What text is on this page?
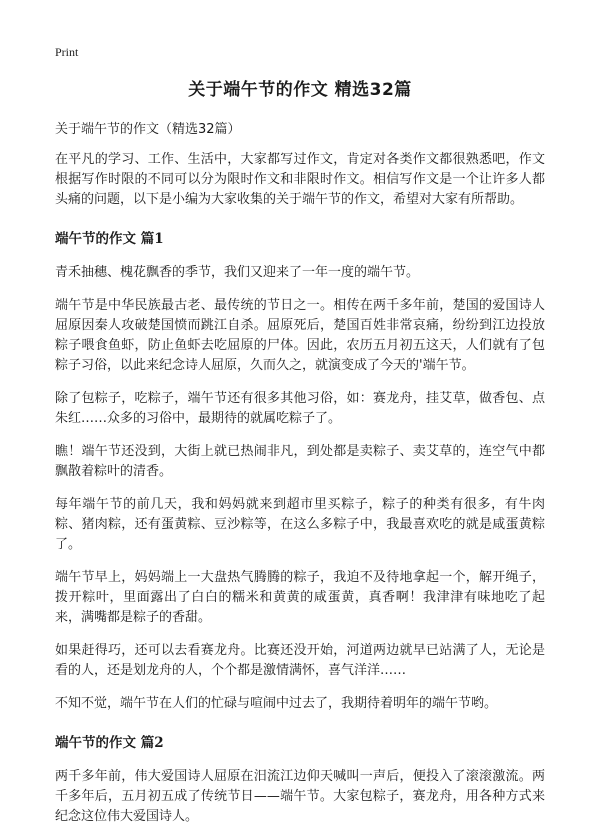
Print
关于端午节的作文 精选32篇
关于端午节的作文（精选32篇）

在平凡的学习、工作、生活中，大家都写过作文，肯定对各类作文都很熟悉吧，作文根据写作时限的不同可以分为限时作文和非限时作文。相信写作文是一个让许多人都头痛的问题，以下是小编为大家收集的关于端午节的作文，希望对大家有所帮助。

端午节的作文 篇1

青禾抽穗、槐花飘香的季节，我们又迎来了一年一度的端午节。

端午节是中华民族最古老、最传统的节日之一。相传在两千多年前，楚国的爱国诗人屈原因秦人攻破楚国愤而跳江自杀。屈原死后，楚国百姓非常哀痛，纷纷到江边投放粽子喂食鱼虾，防止鱼虾去吃屈原的尸体。因此，农历五月初五这天，人们就有了包粽子习俗，以此来纪念诗人屈原，久而久之，就演变成了今天的'端午节。

除了包粽子，吃粽子，端午节还有很多其他习俗，如：赛龙舟，挂艾草，做香包、点朱红……众多的习俗中，最期待的就属吃粽子了。

瞧！端午节还没到，大街上就已热闹非凡，到处都是卖粽子、卖艾草的，连空气中都飘散着粽叶的清香。

每年端午节的前几天，我和妈妈就来到超市里买粽子，粽子的种类有很多，有牛肉粽、猪肉粽，还有蛋黄粽、豆沙粽等，在这么多粽子中，我最喜欢吃的就是咸蛋黄粽了。

端午节早上，妈妈端上一大盘热气腾腾的粽子，我迫不及待地拿起一个，解开绳子，拨开粽叶，里面露出了白白的糯米和黄黄的咸蛋黄，真香啊！我津津有味地吃了起来，满嘴都是粽子的香甜。

如果赶得巧，还可以去看赛龙舟。比赛还没开始，河道两边就早已站满了人，无论是看的人，还是划龙舟的人，个个都是激情满怀，喜气洋洋……

不知不觉，端午节在人们的忙碌与喧闹中过去了，我期待着明年的端午节哟。

端午节的作文 篇2

两千多年前，伟大爱国诗人屈原在汨流江边仰天喊叫一声后，便投入了滚滚激流。两千多年后，五月初五成了传统节日——端午节。大家包粽子，赛龙舟，用各种方式来纪念这位伟大爱国诗人。
